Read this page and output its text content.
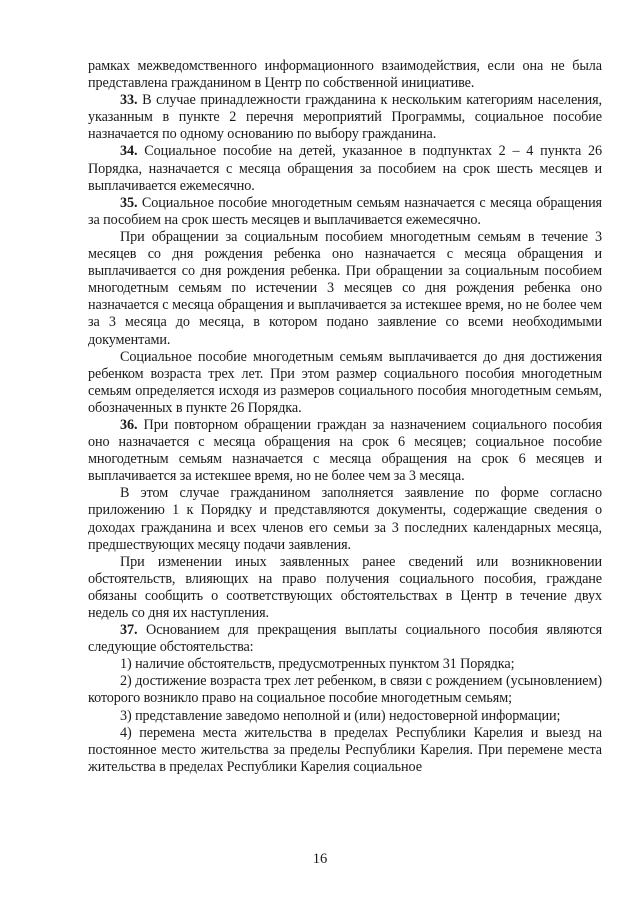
рамках межведомственного информационного взаимодействия, если она не была представлена гражданином в Центр по собственной инициативе.

33. В случае принадлежности гражданина к нескольким категориям населения, указанным в пункте 2 перечня мероприятий Программы, социальное пособие назначается по одному основанию по выбору гражданина.

34. Социальное пособие на детей, указанное в подпунктах 2 – 4 пункта 26 Порядка, назначается с месяца обращения за пособием на срок шесть месяцев и выплачивается ежемесячно.

35. Социальное пособие многодетным семьям назначается с месяца обращения за пособием на срок шесть месяцев и выплачивается ежемесячно.

При обращении за социальным пособием многодетным семьям в течение 3 месяцев со дня рождения ребенка оно назначается с месяца обращения и выплачивается со дня рождения ребенка. При обращении за социальным пособием многодетным семьям по истечении 3 месяцев со дня рождения ребенка оно назначается с месяца обращения и выплачивается за истекшее время, но не более чем за 3 месяца до месяца, в котором подано заявление со всеми необходимыми документами.

Социальное пособие многодетным семьям выплачивается до дня достижения ребенком возраста трех лет. При этом размер социального пособия многодетным семьям определяется исходя из размеров социального пособия многодетным семьям, обозначенных в пункте 26 Порядка.

36. При повторном обращении граждан за назначением социального пособия оно назначается с месяца обращения на срок 6 месяцев; социальное пособие многодетным семьям назначается с месяца обращения на срок 6 месяцев и выплачивается за истекшее время, но не более чем за 3 месяца.

В этом случае гражданином заполняется заявление по форме согласно приложению 1 к Порядку и представляются документы, содержащие сведения о доходах гражданина и всех членов его семьи за 3 последних календарных месяца, предшествующих месяцу подачи заявления.

При изменении иных заявленных ранее сведений или возникновении обстоятельств, влияющих на право получения социального пособия, граждане обязаны сообщить о соответствующих обстоятельствах в Центр в течение двух недель со дня их наступления.

37. Основанием для прекращения выплаты социального пособия являются следующие обстоятельства:

1) наличие обстоятельств, предусмотренных пунктом 31 Порядка;

2) достижение возраста трех лет ребенком, в связи с рождением (усыновлением) которого возникло право на социальное пособие многодетным семьям;

3) представление заведомо неполной и (или) недостоверной информации;

4) перемена места жительства в пределах Республики Карелия и выезд на постоянное место жительства за пределы Республики Карелия. При перемене места жительства в пределах Республики Карелия социальное

16
